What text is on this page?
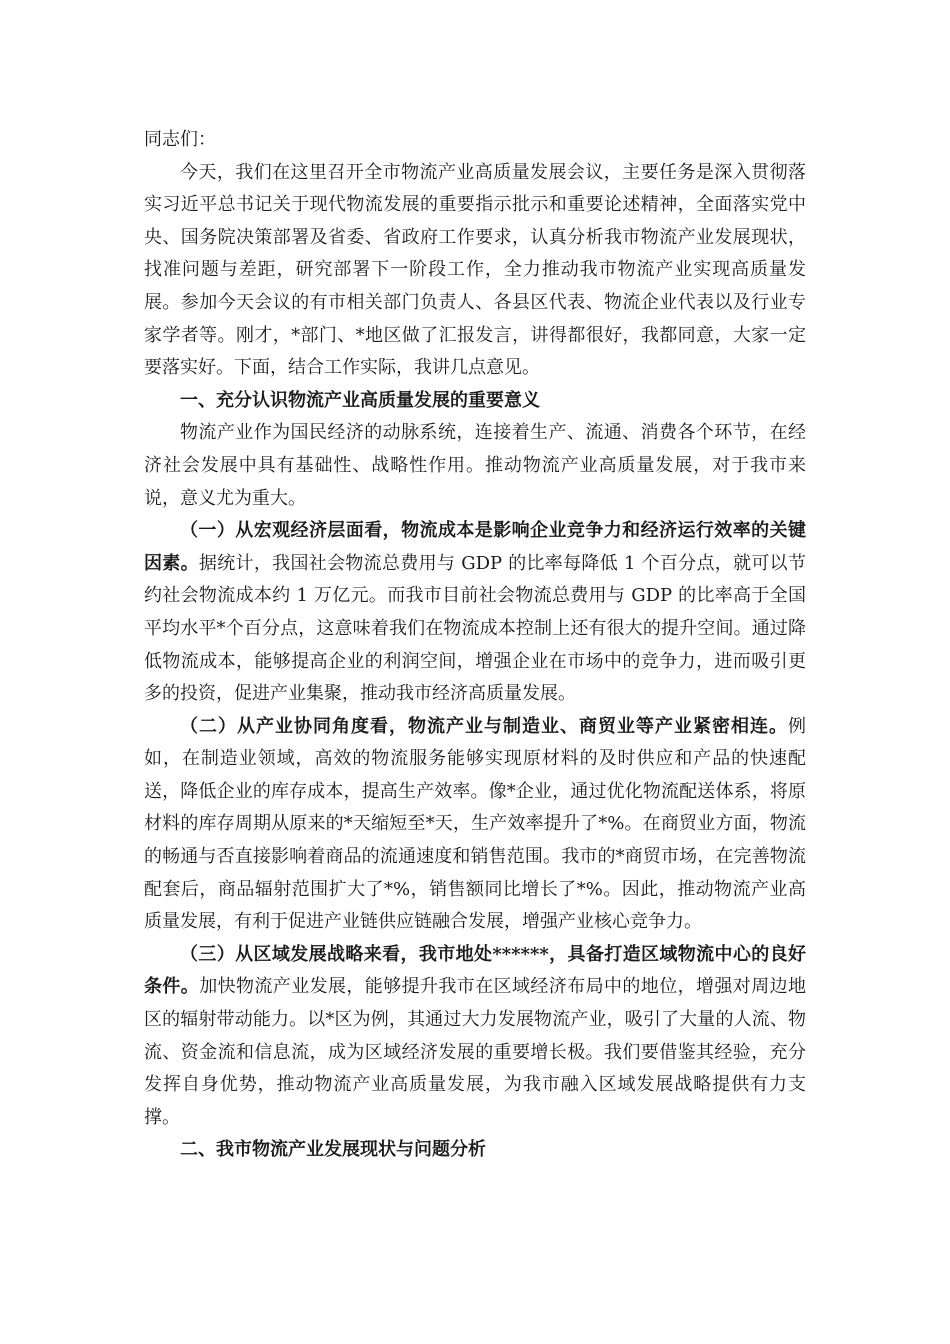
同志们：

今天，我们在这里召开全市物流产业高质量发展会议，主要任务是深入贯彻落实习近平总书记关于现代物流发展的重要指示批示和重要论述精神，全面落实党中央、国务院决策部署及省委、省政府工作要求，认真分析我市物流产业发展现状，找准问题与差距，研究部署下一阶段工作，全力推动我市物流产业实现高质量发展。参加今天会议的有市相关部门负责人、各县区代表、物流企业代表以及行业专家学者等。刚才，*部门、*地区做了汇报发言，讲得都很好，我都同意，大家一定要落实好。下面，结合工作实际，我讲几点意见。

一、充分认识物流产业高质量发展的重要意义

物流产业作为国民经济的动脉系统，连接着生产、流通、消费各个环节，在经济社会发展中具有基础性、战略性作用。推动物流产业高质量发展，对于我市来说，意义尤为重大。

（一）从宏观经济层面看，物流成本是影响企业竞争力和经济运行效率的关键因素。据统计，我国社会物流总费用与 GDP 的比率每降低 1 个百分点，就可以节约社会物流成本约 1 万亿元。而我市目前社会物流总费用与 GDP 的比率高于全国平均水平*个百分点，这意味着我们在物流成本控制上还有很大的提升空间。通过降低物流成本，能够提高企业的利润空间，增强企业在市场中的竞争力，进而吸引更多的投资，促进产业集聚，推动我市经济高质量发展。

（二）从产业协同角度看，物流产业与制造业、商贸业等产业紧密相连。例如，在制造业领域，高效的物流服务能够实现原材料的及时供应和产品的快速配送，降低企业的库存成本，提高生产效率。像*企业，通过优化物流配送体系，将原材料的库存周期从原来的*天缩短至*天，生产效率提升了*%。在商贸业方面，物流的畅通与否直接影响着商品的流通速度和销售范围。我市的*商贸市场，在完善物流配套后，商品辐射范围扩大了*%，销售额同比增长了*%。因此，推动物流产业高质量发展，有利于促进产业链供应链融合发展，增强产业核心竞争力。

（三）从区域发展战略来看，我市地处******，具备打造区域物流中心的良好条件。加快物流产业发展，能够提升我市在区域经济布局中的地位，增强对周边地区的辐射带动能力。以*区为例，其通过大力发展物流产业，吸引了大量的人流、物流、资金流和信息流，成为区域经济发展的重要增长极。我们要借鉴其经验，充分发挥自身优势，推动物流产业高质量发展，为我市融入区域发展战略提供有力支撑。

二、我市物流产业发展现状与问题分析
